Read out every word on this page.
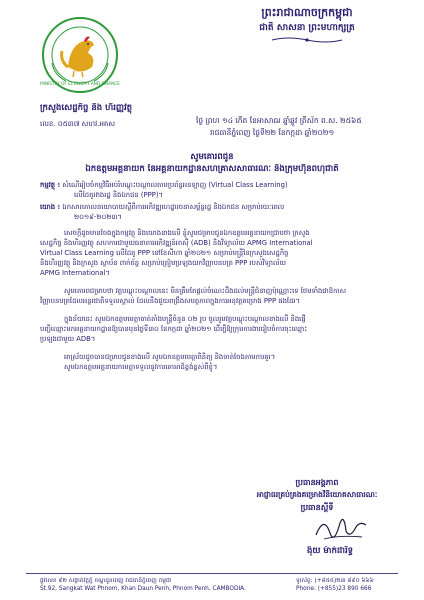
ព្រះរាជាណាចក្រកម្ពុជា
ជាតិ សាសនា ព្រះមហាក្សត្រ
MINISTRY OF ECONOMY AND FINANCE
ក្រសួងសេដ្ឋកិច្ច និង ហិរញ្ញវត្ថុ
លេខ. ០៥៣៧ សហវ.អគស	ថ្ងៃ ព្រហ ១៤ កើត ខែអាសាឍ ឆ្នាំឆ្លូវ ត្រីស័ក ព.ស. ២៥៦៥
រាជធានីភ្នំពេញ ថ្ងៃទី២២ ខែកក្កដា ឆ្នាំ២០២១
សូមគោរពជូន
ឯកឧត្តមអគ្គនាយក នៃអគ្គនាយកដ្ឋានសហគ្រាសសាធារណៈ និងក្រុមហ៊ុនពហុជាតិ
កម្មវត្ថុ ៖ សំណើរៀបចំកម្មវិធីអប់រំបណ្តុះបណ្តាលតាមប្រព័ន្ធអនឡាញ (Virtual Class Learning)
លើដៃគូរវាងរដ្ឋ និងឯកជន (PPP)។
យោង ៖ ឯកសារគោលនយោបាយស្តីពីការអភិវឌ្ឍហេដ្ឋារចនាសម្ព័ន្ធរដ្ឋ និងឯកជន សម្រាប់រយៈពេល
២០១៩-២០២៣។
សេចក្តីដូចមានចែងក្នុងកម្មវត្ថុ និងយោងខាងលើ ខ្ញុំសូមជម្រាបជូនឯកឧត្តមអគ្គនាយកជ្រាបថា ក្រសួង
សេដ្ឋកិច្ច និងហិរញ្ញវត្ថុ សហការជាមួយធនាគារអភិវឌ្ឍន៍អាស៊ី (ADB) និងវិទ្យាល័យ APMG International
Virtual Class Learning លើដៃគូ PPP នៅខែសីហា ឆ្នាំ២០២១ សម្រាប់មន្ត្រីនៃក្រសួងសេដ្ឋកិច្ច
និងហិរញ្ញវត្ថុ និងក្រសួង ស្ថាប័ន ពាក់ព័ន្ធ សម្រាប់ត្រៀមប្រឡងយកវិញ្ញាបនបត្រ PPP របស់វិទ្យាល័យ
APMG International។
សូមគោរពជម្រាបថា វគ្គបណ្តុះបណ្តាលនេះ មិនត្រឹមតែផ្តល់ចំណេះដឹងដល់មន្ត្រីជំនាញប៉ុណ្ណោះទេ ថែមទាំងជាឱកាស
វិញ្ញាបនបត្រដែលអន្តរជាតិទទួលស្គាល់ ដែលនឹងជួយពង្រឹងសមត្ថភាពក្នុងការអនុវត្តគម្រោង PPP ផងដែរ។
ក្នុងន័យនេះ សូមឯកឧត្តមមេត្តាចាត់តាំងមន្ត្រីចំនួន ០២ រូប ចូលរួមវគ្គបណ្តុះបណ្តាលខាងលើ និងផ្ញើ
បញ្ជីឈ្មោះមកអគ្គនាយកដ្ឋានឱ្យបានមុនថ្ងៃទី៣០ ខែកក្កដា ឆ្នាំ២០២១ ដើម្បីឱ្យក្រុមការងាររៀបចំការចុះឈ្មោះ
ប្រឡងជាមួយ ADB។
អាស្រ័យដូចបានជម្រាបជូនខាងលើ សូមឯកឧត្តមមេត្តាពិនិត្យ និងចាត់ចែងតាមការគួរ។
សូមឯកឧត្តមអគ្គនាយកមេត្តាទទួលនូវការគោរពដ៏ខ្ពង់ខ្ពស់ពីខ្ញុំ។
ប្រធានអង្គភាព
អាជ្ញាធរគ្រប់គ្រងគម្រោងវិនិយោគសាធារណៈ
ប្រធានស្តីទី
ង៉ុយ ម៉ាក់ដារិទ្ធ
ផ្លូវលេខ ៩២ សង្កាត់វត្តភ្នំ ខណ្ឌដូនពេញ រាជធានីភ្នំពេញ កម្ពុជា
St.92, Sangkat Wat Phnom, Khan Daun Penh, Phnom Penh, CAMBODIA.
ទូរស័ព្ទ: (+៨៥៥)២៣ ៨៩០ ៦៦៦
Phone: (+855)23 890 666
